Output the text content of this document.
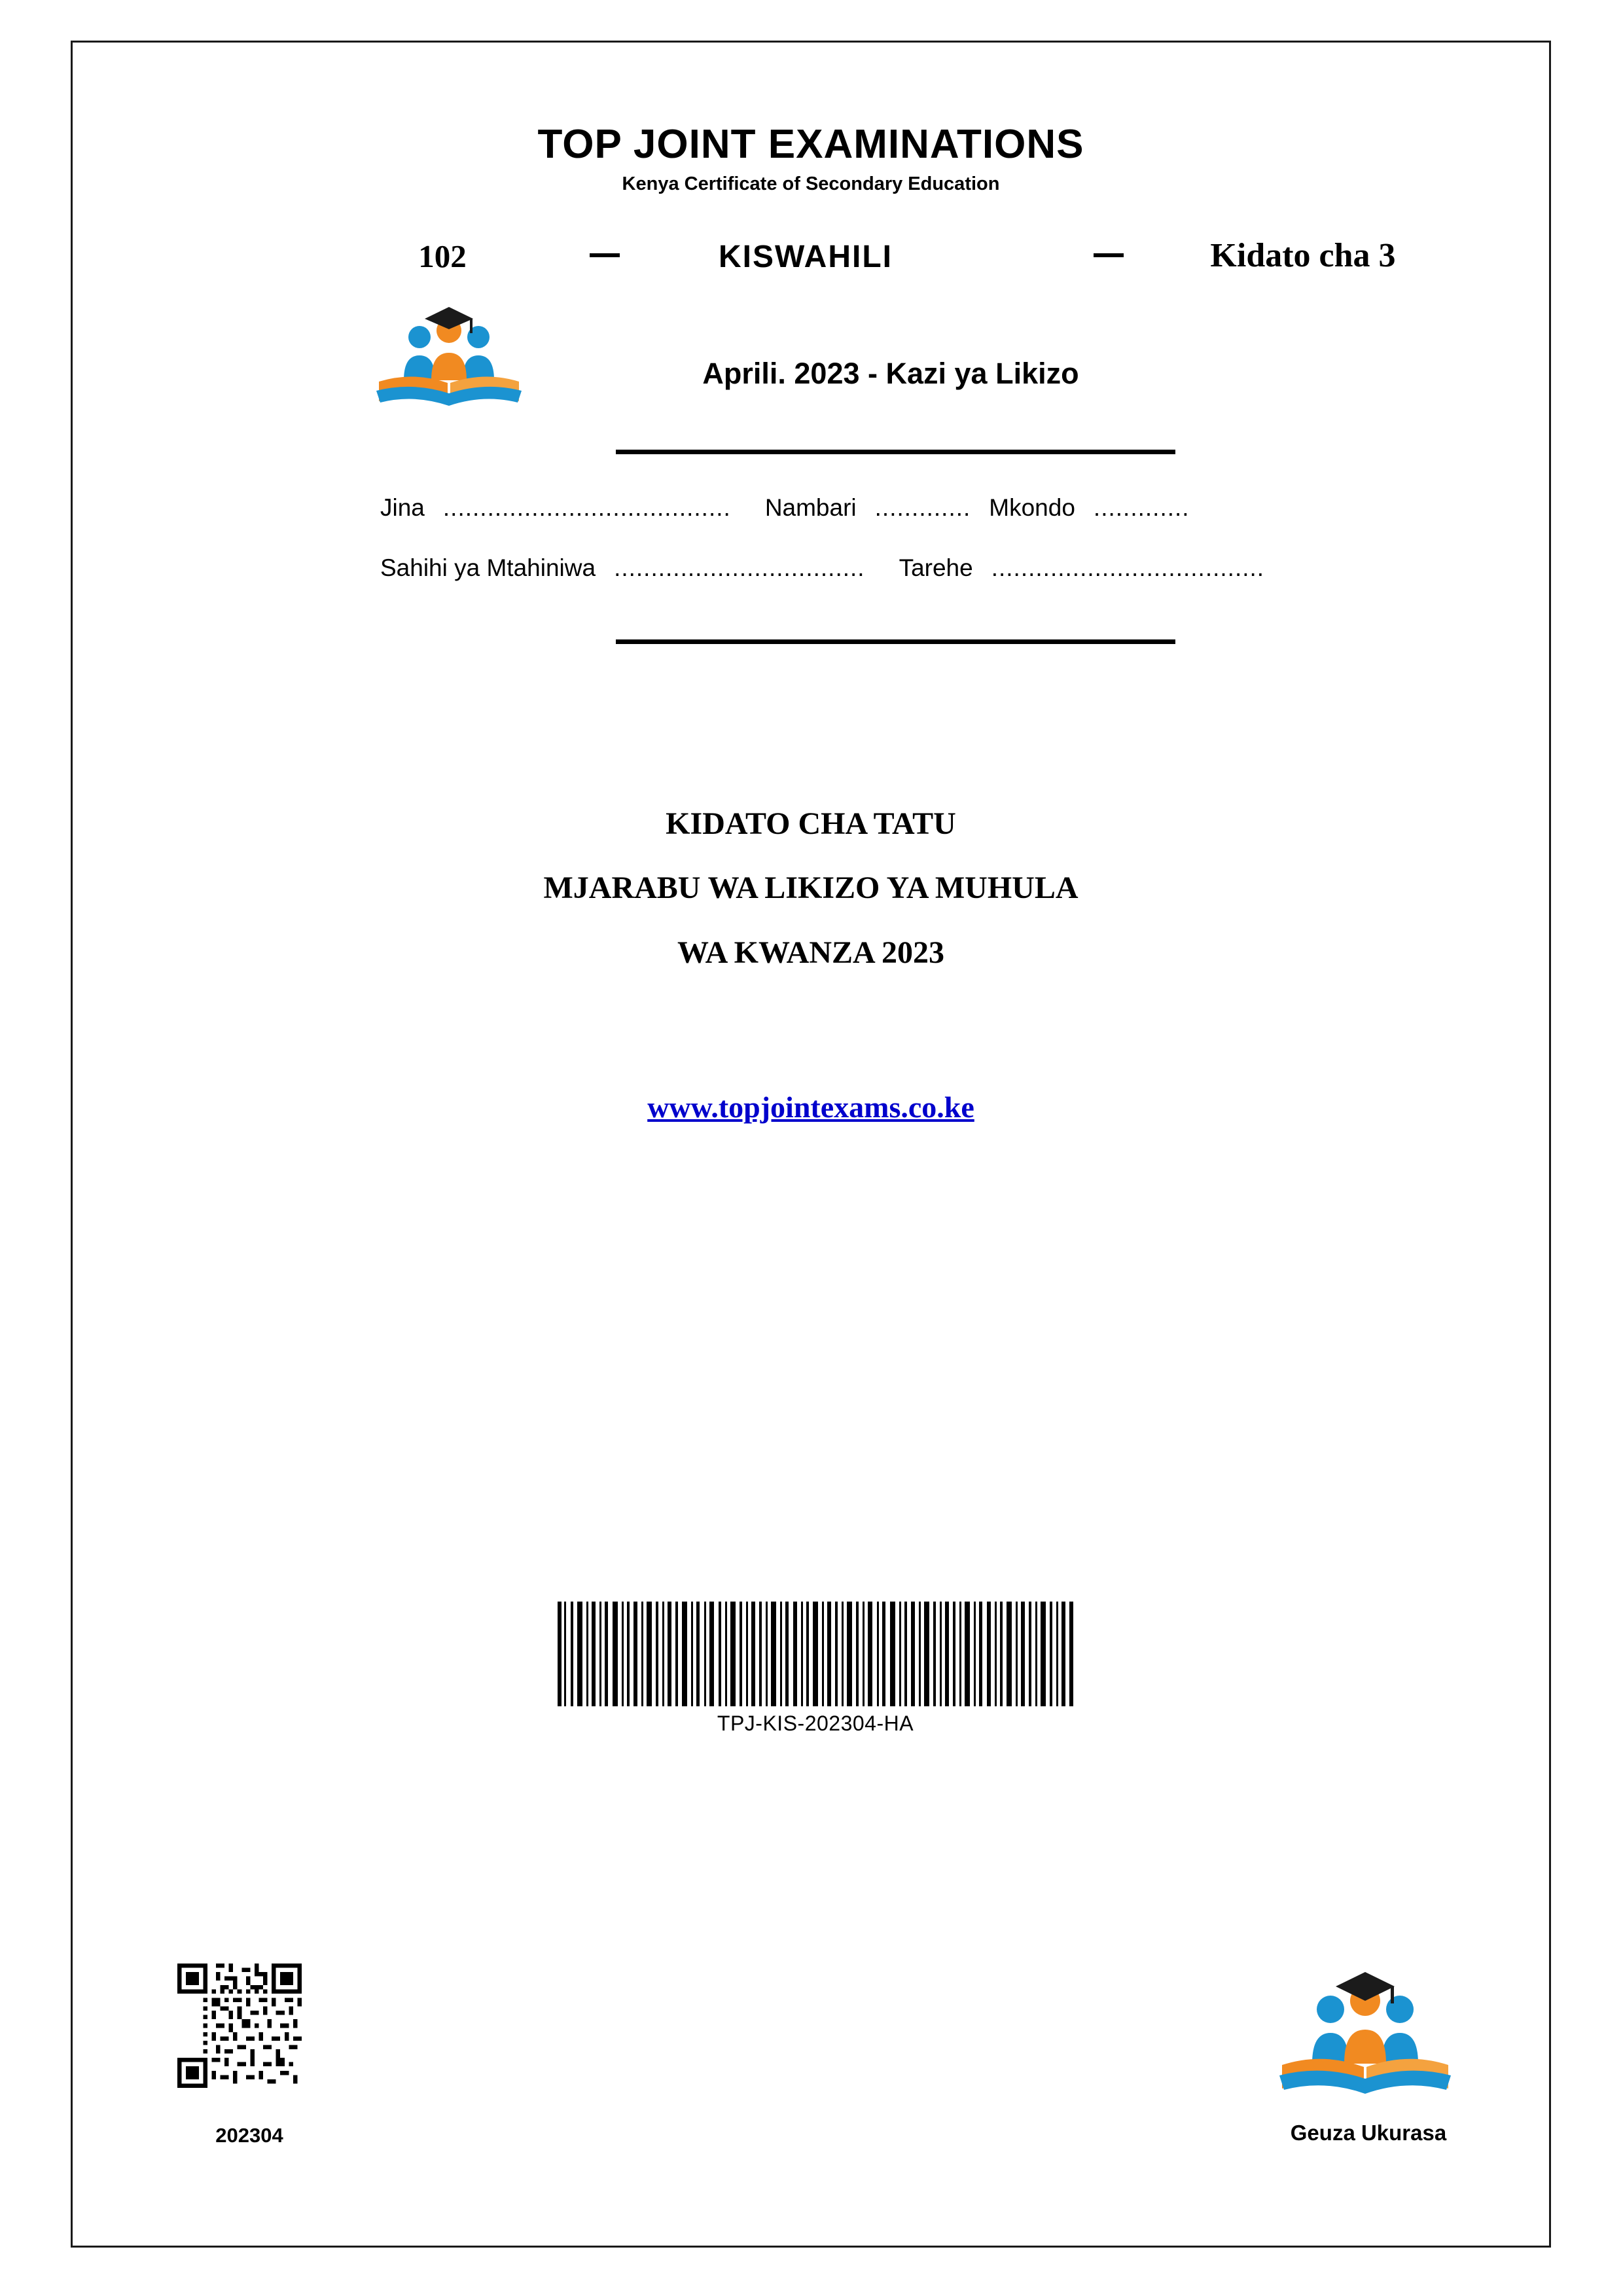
TOP JOINT EXAMINATIONS
Kenya Certificate of Secondary Education
102	KISWAHILI	Kidato cha 3
Aprili. 2023 - Kazi ya Likizo
Jina ....................................... Nambari ............. Mkondo .............
Sahihi ya Mtahiniwa .................................. Tarehe .....................................
KIDATO CHA TATU
MJARABU WA LIKIZO YA MUHULA
WA KWANZA 2023
www.topjointexams.co.ke
TPJ-KIS-202304-HA
202304	Geuza Ukurasa
